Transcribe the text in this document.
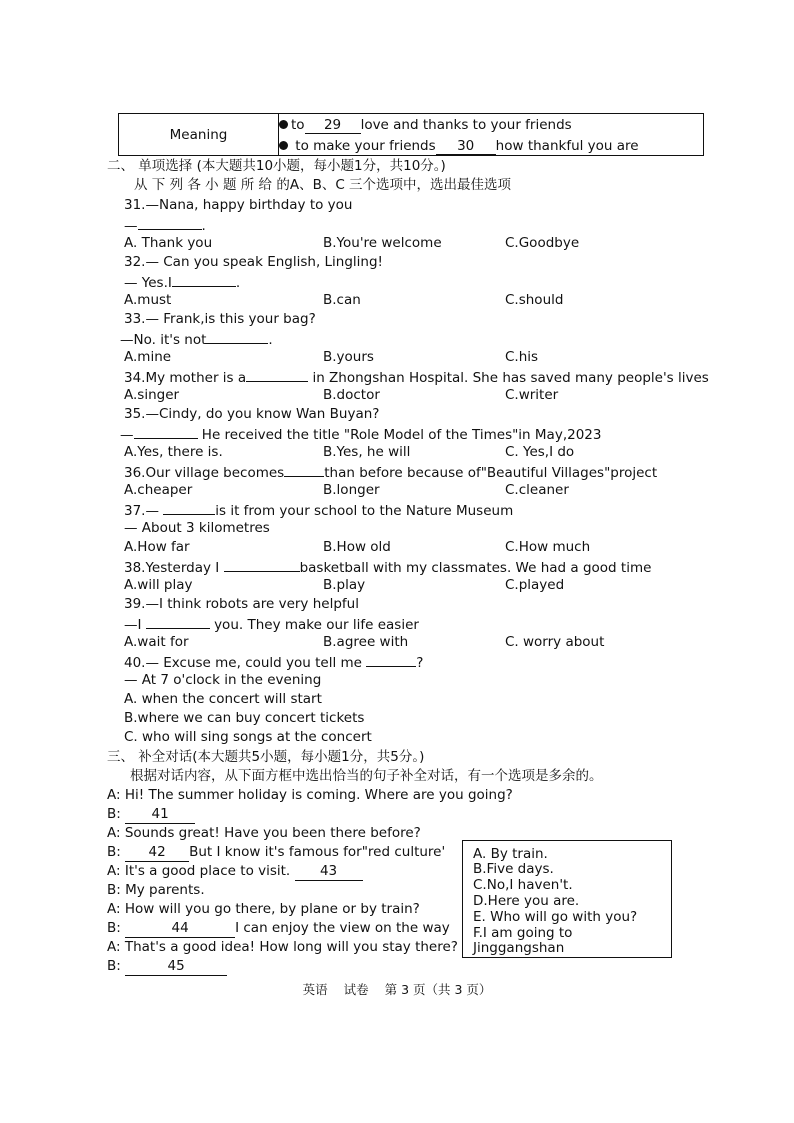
Meaning
to 29 love and thanks to your friends
to make your friends 30 how thankful you are
二、 单项选择 (本大题共10小题，每小题1分，共10分。)
从 下 列 各 小 题 所 给 的A、B、C 三个选项中，选出最佳选项
31.—Nana, happy birthday to you
—	.
A. Thank you	B.You're welcome	C.Goodbye
32.— Can you speak English, Lingling!
— Yes.I	.
A.must	B.can	C.should
33.— Frank,is this your bag?
—No. it's not	.
A.mine	B.yours	C.his
34.My mother is a	in Zhongshan Hospital. She has saved many people's lives
A.singer	B.doctor	C.writer
35.—Cindy, do you know Wan Buyan?
—	He received the title "Role Model of the Times"in May,2023
A.Yes, there is.	B.Yes, he will	C. Yes,I do
36.Our village becomes	than before because of"Beautiful Villages"project
A.cheaper	B.longer	C.cleaner
37.—	is it from your school to the Nature Museum
— About 3 kilometres
A.How far	B.How old	C.How much
38.Yesterday I	basketball with my classmates. We had a good time
A.will play	B.play	C.played
39.—I think robots are very helpful
—I	you. They make our life easier
A.wait for	B.agree with	C. worry about
40.— Excuse me, could you tell me	?
— At 7 o'clock in the evening
A. when the concert will start
B.where we can buy concert tickets
C. who will sing songs at the concert
三、 补全对话(本大题共5小题，每小题1分，共5分。)
根据对话内容，从下面方框中选出恰当的句子补全对话，有一个选项是多余的。
A: Hi! The summer holiday is coming. Where are you going?
B: 41
A: Sounds great! Have you been there before?
B: 42 But I know it's famous for"red culture'
A: It's a good place to visit. 43
B: My parents.
A: How will you go there, by plane or by train?
B:	44	I can enjoy the view on the way
A: That's a good idea! How long will you stay there?
B:	45
A. By train.
B.Five days.
C.No,I haven't.
D.Here you are.
E. Who will go with you?
F.I am going to
Jinggangshan
英语 试卷 第 3 页（共 3 页）
